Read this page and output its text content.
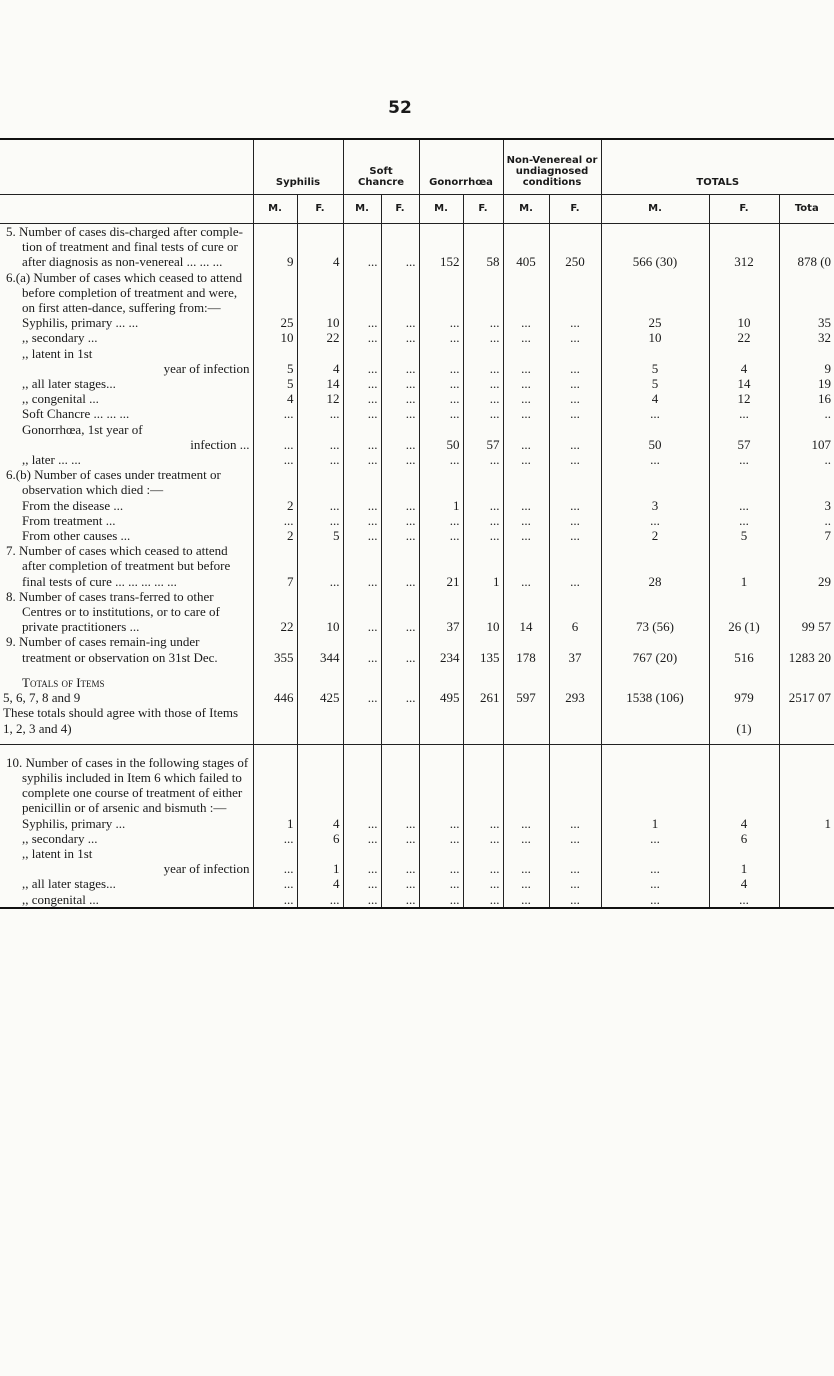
52
	Syphilis		Soft Chancre		Gonorrhœa		Non-Venereal or undiagnosed conditions		TOTALS		
	M.	F.	M.	F.	M.	F.	M.	F.	M.	F.	Tota
5. Number of cases dis-charged after comple-tion of treatment and final tests of cure or after diagnosis as non-venereal ... ... ...	9	4	...	...	152	58	405	250	566 (30)	312	878 (0
6.(a) Number of cases which ceased to attend before completion of treatment and were, on first atten-dance, suffering from:—											
Syphilis, primary ... ...	25	10	...	...	...	...	...	...	25	10	35
,, secondary ...	10	22	...	...	...	...	...	...	10	22	32
,, latent in 1st											
year of infection	5	4	...	...	...	...	...	...	5	4	9
,, all later stages...	5	14	...	...	...	...	...	...	5	14	19
,, congenital ...	4	12	...	...	...	...	...	...	4	12	16
Soft Chancre ... ... ...	...	...	...	...	...	...	...	...	...	...	..
Gonorrhœa, 1st year of											
infection ...	...	...	...	...	50	57	...	...	50	57	107
,, later ... ...	...	...	...	...	...	...	...	...	...	...	..
6.(b) Number of cases under treatment or observation which died :—											
From the disease ...	2	...	...	...	1	...	...	...	3	...	3
From treatment ...	...	...	...	...	...	...	...	...	...	...	..
From other causes ...	2	5	...	...	...	...	...	...	2	5	7
7. Number of cases which ceased to attend after completion of treatment but before final tests of cure ... ... ... ... ...	7	...	...	...	21	1	...	...	28	1	29
8. Number of cases trans-ferred to other Centres or to institutions, or to care of private practitioners ...	22	10	...	...	37	10	14	6	73 (56)	26 (1)	99 57
9. Number of cases remain-ing under treatment or observation on 31st Dec.	355	344	...	...	234	135	178	37	767 (20)	516	1283 20

Totals of Items											
5, 6, 7, 8 and 9	446	425	...	...	495	261	597	293	1538 (106)	979	2517 07
These totals should agree with those of Items 1, 2, 3 and 4)										(1)	

10. Number of cases in the following stages of syphilis included in Item 6 which failed to complete one course of treatment of either penicillin or of arsenic and bismuth :—											
Syphilis, primary ...	1	4	...	...	...	...	...	...	1	4	1
,, secondary ...	...	6	...	...	...	...	...	...	...	6	
,, latent in 1st											
year of infection	...	1	...	...	...	...	...	...	...	1	
,, all later stages...	...	4	...	...	...	...	...	...	...	4	
,, congenital ...	...	...	...	...	...	...	...	...	...	...	
